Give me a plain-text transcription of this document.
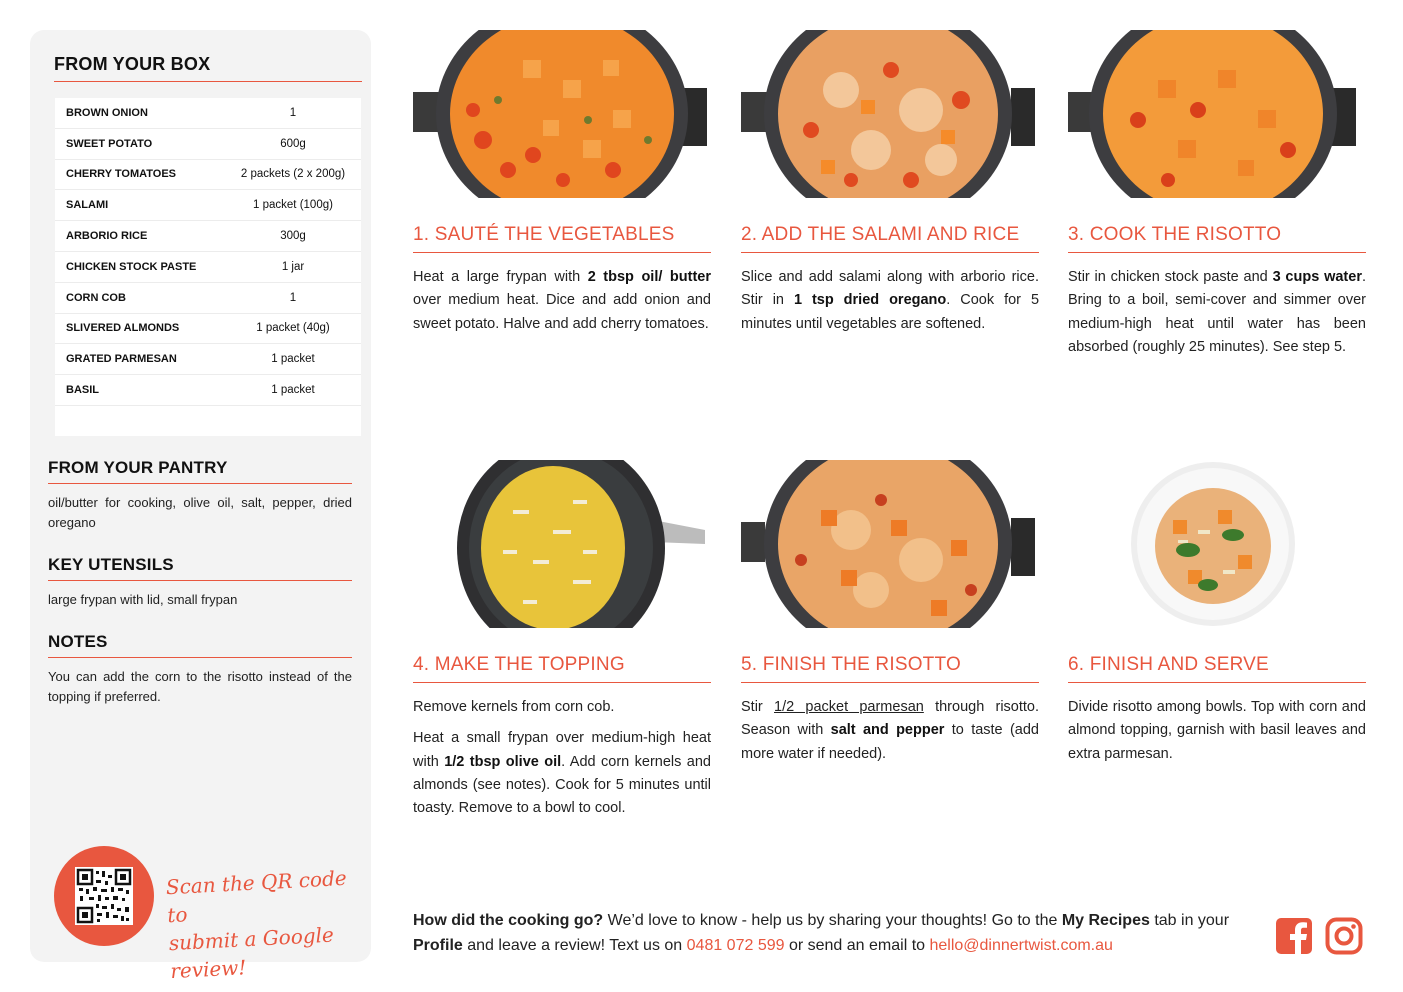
FROM YOUR BOX
BROWN ONION	1
SWEET POTATO	600g
CHERRY TOMATOES	2 packets (2 x 200g)
SALAMI	1 packet (100g)
ARBORIO RICE	300g
CHICKEN STOCK PASTE	1 jar
CORN COB	1
SLIVERED ALMONDS	1 packet (40g)
GRATED PARMESAN	1 packet
BASIL	1 packet
FROM YOUR PANTRY

oil/butter for cooking, olive oil, salt, pepper, dried oregano

KEY UTENSILS

large frypan with lid, small frypan

NOTES

You can add the corn to the risotto instead of the topping if preferred.

Scan the QR code to
submit a Google review!
1. SAUTÉ THE VEGETABLES

Heat a large frypan with 2 tbsp oil/ butter over medium heat. Dice and add onion and sweet potato. Halve and add cherry tomatoes.

2. ADD THE SALAMI AND RICE

Slice and add salami along with arborio rice. Stir in 1 tsp dried oregano. Cook for 5 minutes until vegetables are softened.

3. COOK THE RISOTTO

Stir in chicken stock paste and 3 cups water. Bring to a boil, semi-cover and simmer over medium-high heat until water has been absorbed (roughly 25 minutes). See step 5.

4. MAKE THE TOPPING

Remove kernels from corn cob.

Heat a small frypan over medium-high heat with 1/2 tbsp olive oil. Add corn kernels and almonds (see notes). Cook for 5 minutes until toasty. Remove to a bowl to cool.

5. FINISH THE RISOTTO

Stir 1/2 packet parmesan through risotto. Season with salt and pepper to taste (add more water if needed).

6. FINISH AND SERVE

Divide risotto among bowls. Top with corn and almond topping, garnish with basil leaves and extra parmesan.

How did the cooking go? We’d love to know - help us by sharing your thoughts! Go to the My Recipes tab in your Profile and leave a review! Text us on 0481 072 599 or send an email to hello@dinnertwist.com.au
